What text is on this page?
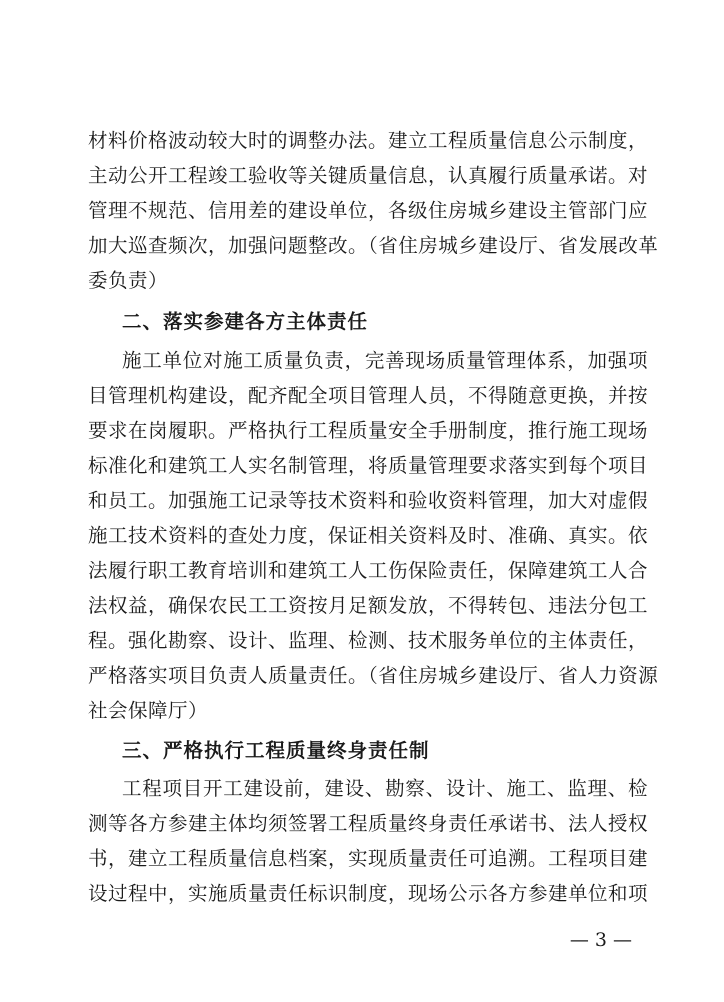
材料价格波动较大时的调整办法。建立工程质量信息公示制度，
主动公开工程竣工验收等关键质量信息，认真履行质量承诺。对
管理不规范、信用差的建设单位，各级住房城乡建设主管部门应
加大巡查频次，加强问题整改。（省住房城乡建设厅、省发展改革
委负责）
二、落实参建各方主体责任
施工单位对施工质量负责，完善现场质量管理体系，加强项
目管理机构建设，配齐配全项目管理人员，不得随意更换，并按
要求在岗履职。严格执行工程质量安全手册制度，推行施工现场
标准化和建筑工人实名制管理，将质量管理要求落实到每个项目
和员工。加强施工记录等技术资料和验收资料管理，加大对虚假
施工技术资料的查处力度，保证相关资料及时、准确、真实。依
法履行职工教育培训和建筑工人工伤保险责任，保障建筑工人合
法权益，确保农民工工资按月足额发放，不得转包、违法分包工
程。强化勘察、设计、监理、检测、技术服务单位的主体责任，
严格落实项目负责人质量责任。（省住房城乡建设厅、省人力资源
社会保障厅）
三、严格执行工程质量终身责任制
工程项目开工建设前，建设、勘察、设计、施工、监理、检
测等各方参建主体均须签署工程质量终身责任承诺书、法人授权
书，建立工程质量信息档案，实现质量责任可追溯。工程项目建
设过程中，实施质量责任标识制度，现场公示各方参建单位和项
— 3 —
